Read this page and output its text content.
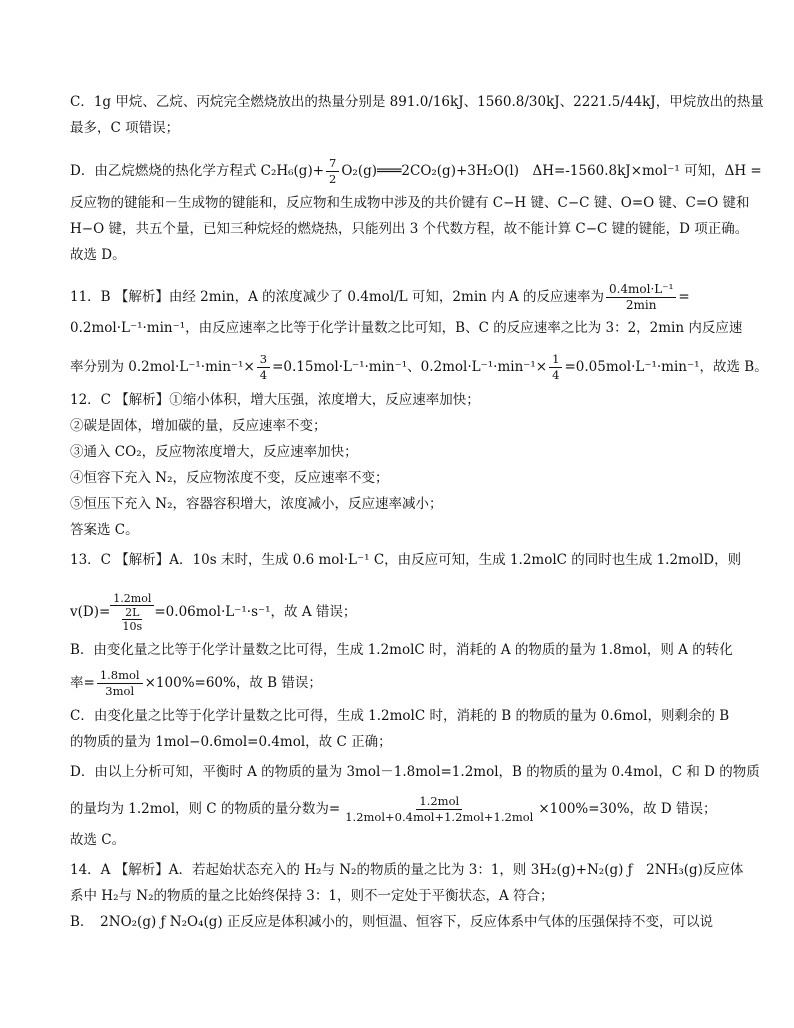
C．1g 甲烷、乙烷、丙烷完全燃烧放出的热量分别是 891.0/16kJ、1560.8/30kJ、2221.5/44kJ，甲烷放出的热量
最多，C 项错误；
D．由乙烷燃烧的热化学方程式 $C_2H_6(g)+ \frac{7}{2}$ O₂(g)═══2CO₂(g)+3H₂O(l)　ΔH=-1560.8kJ×mol⁻¹ 可知，ΔH =
反应物的键能和－生成物的键能和，反应物和生成物中涉及的共价键有 C−H 键、C−C 键、O=O 键、C=O 键和
H−O 键，共五个量，已知三种烷烃的燃烧热，只能列出 3 个代数方程，故不能计算 C−C 键的键能，D 项正确。
故选 D。
11．B 【解析】由经 2min，A 的浓度减少了 0.4mol/L 可知，2min 内 A 的反应速率为 $\frac{\text{0.4mol·L⁻¹}}{2\min}$ =
0.2mol·L⁻¹·min⁻¹，由反应速率之比等于化学计量数之比可知，B、C 的反应速率之比为 3：2，2min 内反应速
率分别为 $0.2mol\cdot L^{-1}\cdot\min^{-1}\times \frac{3}{4} =0.15mol\cdot L^{-1}\cdot\min^{-1}$、$0.2mol\cdot L^{-1}\cdot\min^{-1}\times \frac{1}{4} =0.05mol\cdot L^{-1}\cdot\min^{-1}$，故选 B。
12．C 【解析】①缩小体积，增大压强，浓度增大，反应速率加快；
②碳是固体，增加碳的量，反应速率不变；
③通入 CO₂，反应物浓度增大，反应速率加快；
④恒容下充入 N₂，反应物浓度不变，反应速率不变；
⑤恒压下充入 N₂，容器容积增大，浓度减小，反应速率减小；
答案选 C。
13．C 【解析】A．10s 末时，生成 0.6 mol·L⁻¹ C，由反应可知，生成 1.2molC 的同时也生成 1.2molD，则
v(D)=
1.2mol
2L
10s
=0.06mol·L⁻¹·s⁻¹，故 A 错误；
B．由变化量之比等于化学计量数之比可得，生成 1.2molC 时，消耗的 A 的物质的量为 1.8mol，则 A 的转化
率= $\frac{\text{1.8mol}}{\text{3mol}} \times 100\%=60\%$，故 B 错误；
C．由变化量之比等于化学计量数之比可得，生成 1.2molC 时，消耗的 B 的物质的量为 0.6mol，则剩余的 B
的物质的量为 1mol−0.6mol=0.4mol，故 C 正确；
D．由以上分析可知，平衡时 A 的物质的量为 3mol－1.8mol=1.2mol，B 的物质的量为 0.4mol，C 和 D 的物质
的量均为 1.2mol，则 C 的物质的量分数为= $\frac{\text{1.2mol}}{\text{1.2mol+0.4mol+1.2mol+1.2mol}} \times 100\%=30\%$，故 D 错误；
故选 C。
14．A 【解析】A．若起始状态充入的 H₂与 N₂的物质的量之比为 3：1，则 3H₂(g)+N₂(g) ƒ　2NH₃(g)反应体
系中 H₂与 N₂的物质的量之比始终保持 3：1，则不一定处于平衡状态，A 符合；
B．　2NO₂(g) ƒ N₂O₄(g) 正反应是体积减小的，则恒温、恒容下，反应体系中气体的压强保持不变，可以说
